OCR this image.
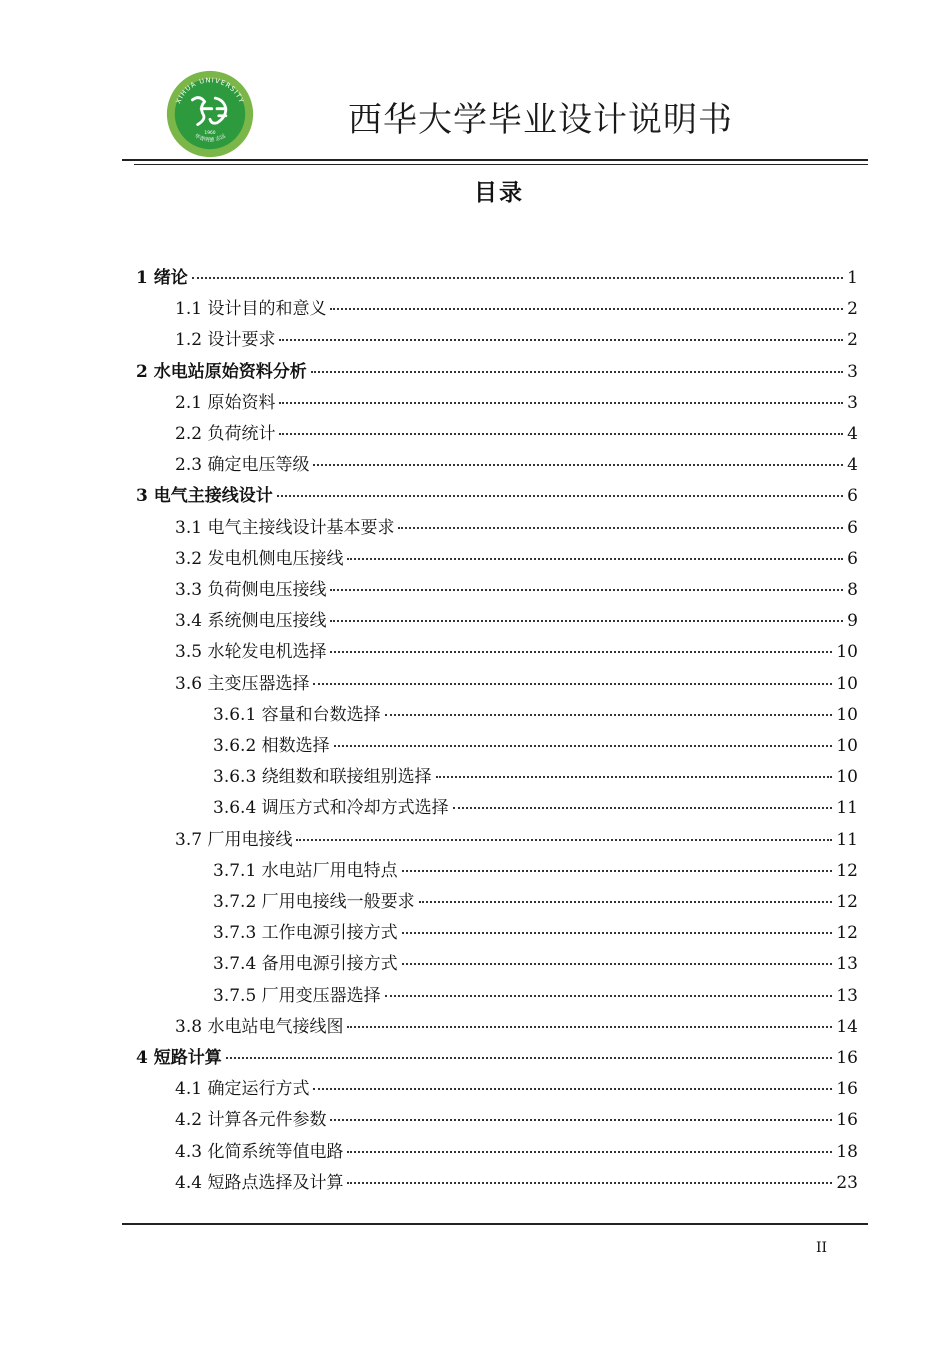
XIHUA UNIVERSITY
华青明德 志远
1960	西华大学毕业设计说明书
目录
1 绪论	1
1.1 设计目的和意义	2
1.2 设计要求	2
2 水电站原始资料分析	3
2.1 原始资料	3
2.2 负荷统计	4
2.3 确定电压等级	4
3 电气主接线设计	6
3.1 电气主接线设计基本要求	6
3.2 发电机侧电压接线	6
3.3 负荷侧电压接线	8
3.4 系统侧电压接线	9
3.5 水轮发电机选择	10
3.6 主变压器选择	10
3.6.1 容量和台数选择	10
3.6.2 相数选择	10
3.6.3 绕组数和联接组别选择	10
3.6.4 调压方式和冷却方式选择	11
3.7 厂用电接线	11
3.7.1 水电站厂用电特点	12
3.7.2 厂用电接线一般要求	12
3.7.3 工作电源引接方式	12
3.7.4 备用电源引接方式	13
3.7.5 厂用变压器选择	13
3.8 水电站电气接线图	14
4 短路计算	16
4.1 确定运行方式	16
4.2 计算各元件参数	16
4.3 化简系统等值电路	18
4.4 短路点选择及计算	23
II
